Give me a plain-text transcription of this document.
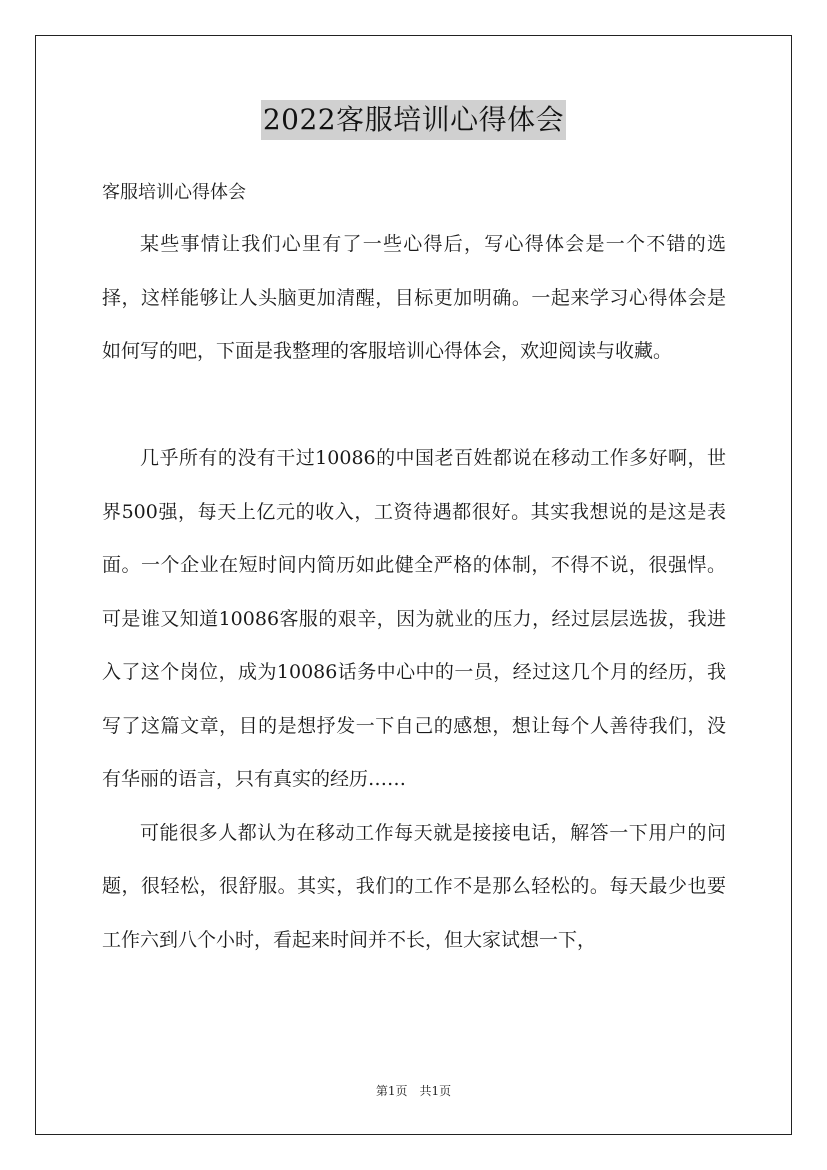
2022客服培训心得体会
客服培训心得体会

某些事情让我们心里有了一些心得后，写心得体会是一个不错的选择，这样能够让人头脑更加清醒，目标更加明确。一起来学习心得体会是如何写的吧，下面是我整理的客服培训心得体会，欢迎阅读与收藏。

几乎所有的没有干过10086的中国老百姓都说在移动工作多好啊，世界500强，每天上亿元的收入，工资待遇都很好。其实我想说的是这是表面。一个企业在短时间内简历如此健全严格的体制，不得不说，很强悍。可是谁又知道10086客服的艰辛，因为就业的压力，经过层层选拔，我进入了这个岗位，成为10086话务中心中的一员，经过这几个月的经历，我写了这篇文章，目的是想抒发一下自己的感想，想让每个人善待我们，没有华丽的语言，只有真实的经历……

可能很多人都认为在移动工作每天就是接接电话，解答一下用户的问题，很轻松，很舒服。其实，我们的工作不是那么轻松的。每天最少也要工作六到八个小时，看起来时间并不长，但大家试想一下，

第1页 共1页
